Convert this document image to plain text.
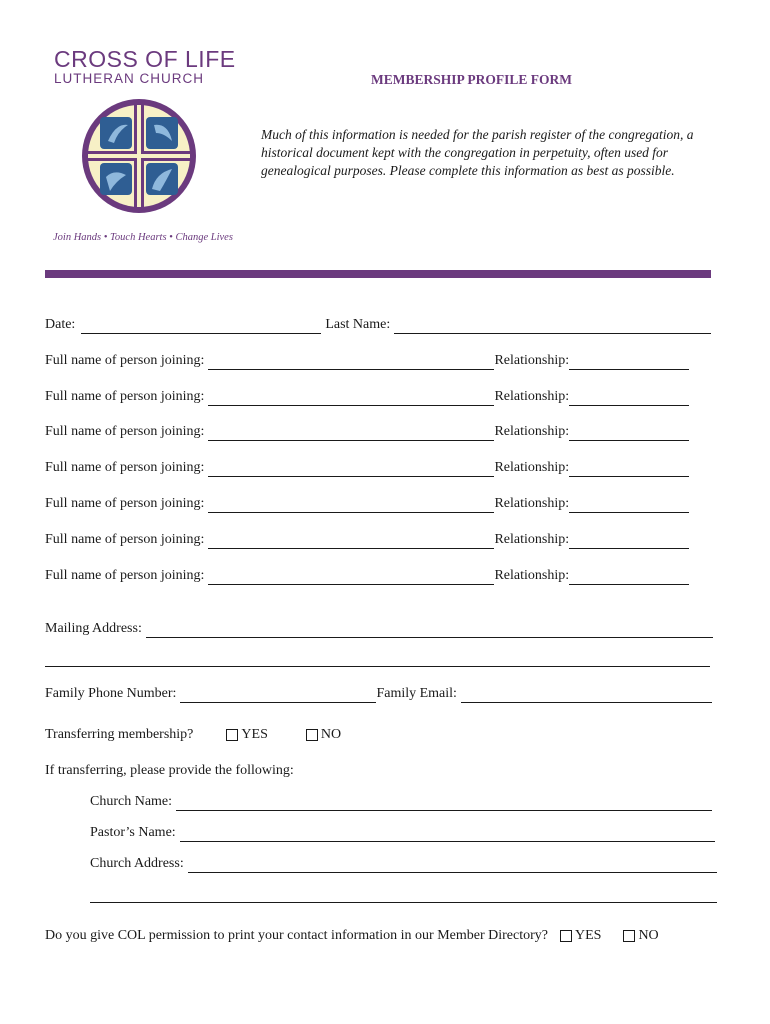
CROSS OF LIFE
LUTHERAN CHURCH
Join Hands • Touch Hearts • Change Lives
MEMBERSHIP PROFILE FORM
Much of this information is needed for the parish register of the congregation, a historical document kept with the congregation in perpetuity, often used for genealogical purposes. Please complete this information as best as possible.
Date:	Last Name:
Full name of person joining:	Relationship:
Full name of person joining:	Relationship:
Full name of person joining:	Relationship:
Full name of person joining:	Relationship:
Full name of person joining:	Relationship:
Full name of person joining:	Relationship:
Full name of person joining:	Relationship:
Mailing Address:
Family Phone Number:	Family Email:
Transferring membership?	YES	NO
If transferring, please provide the following:
Church Name:
Pastor’s Name:
Church Address:
Do you give COL permission to print your contact information in our Member Directory? YES	NO
